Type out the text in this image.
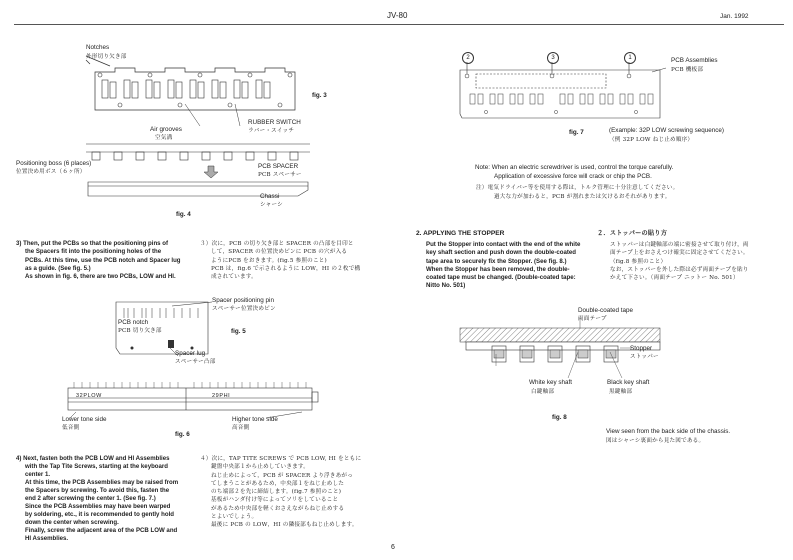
JV-80	Jan. 1992
6
Notches
外形切り欠き部
fig. 3
Air grooves
空気溝
RUBBER SWITCH
ラバー・スイッチ
Positioning boss (6 places)
位置決め用ボス（６ヶ所）
PCB SPACER
PCB スペーサー
Chassi
シャーシ
fig. 4
3) Then, put the PCBs so that the positioning pins of
the Spacers fit into the positioning holes of the
PCBs. At this time, use the PCB notch and Spacer lug
as a guide. (See fig. 5.)
As shown in fig. 6, there are two PCBs, LOW and HI.
３）次に，PCB の切り欠き部と SPACER の凸部を目印と
して，SPACER の位置決めピンに PCB の穴が入る
ようにPCB をおきます。(fig.5 参照のこと)
PCB は，fig.6 で示されるように LOW，HI の２枚で構
成されています。
Spacer positioning pin
スペーサー位置決めピン
PCB notch
PCB 切り欠き部	fig. 5
Spacer lug
スペーサー凸部
32PLOW	29PHI
Lower tone side
低音側
Higher tone side
高音側
fig. 6
4) Next, fasten both the PCB LOW and HI Assemblies
with the Tap Tite Screws, starting at the keyboard
center 1.
At this time, the PCB Assemblies may be raised from
the Spacers by screwing. To avoid this, fasten the
end 2 after screwing the center 1. (See fig. 7.)
Since the PCB Assemblies may have been warped
by soldering, etc., it is recommended to gently hold
down the center when screwing.
Finally, screw the adjacent area of the PCB LOW and
HI Assemblies.
４）次に，TAP TITE SCREWS で PCB LOW, HI をともに
鍵盤中央部１から止めしていきます。
ねじ止めによって，PCB が SPACER より浮きあがっ
てしまうことがあるため，中央部１をねじ止めした
のち端部２を先に締結します。(fig.7 参照のこと)
基板がハンダ付け等によってソリをしていること
があるため中央部を軽くおさえながらねじ止めする
とよいでしょう。
最後に PCB の LOW，HI の隣接部もねじ止めします。
2	3	1	PCB Assemblies
PCB 機板部
fig. 7	(Example: 32P LOW screwing sequence)
（例 32P LOW ねじ止め順序）
Note: When an electric screwdriver is used, control the torque carefully.
Application of excessive force will crack or chip the PCB.
注）電気ドライバー等を使用する際は，トルク管理に十分注意してください。
過大な力が加わると，PCB が割れまたは欠けるおそれがあります。
2. APPLYING THE STOPPER	２．ストッパーの貼り方
Put the Stopper into contact with the end of the white
key shaft section and push down the double-coated
tape area to securely fix the Stopper. (See fig. 8.)
When the Stopper has been removed, the double-
coated tape must be changed. (Double-coated tape:
Nitto No. 501)
ストッパーは白鍵軸部の端に密接させて取り付け，両
面テープ上をおさえつけ確実に固定させてください。
（fig.8 参照のこと）
なお，ストッパーを外した際は必ず両面テープを貼り
かえて下さい。（両面テープ ニットー No. 501）
Double-coated tape
両面テープ
Stopper
ストッパー
White key shaft
白鍵軸部
Black key shaft
黒鍵軸部
fig. 8
View seen from the back side of the chassis.
図はシャーシ裏面から見た図である。
